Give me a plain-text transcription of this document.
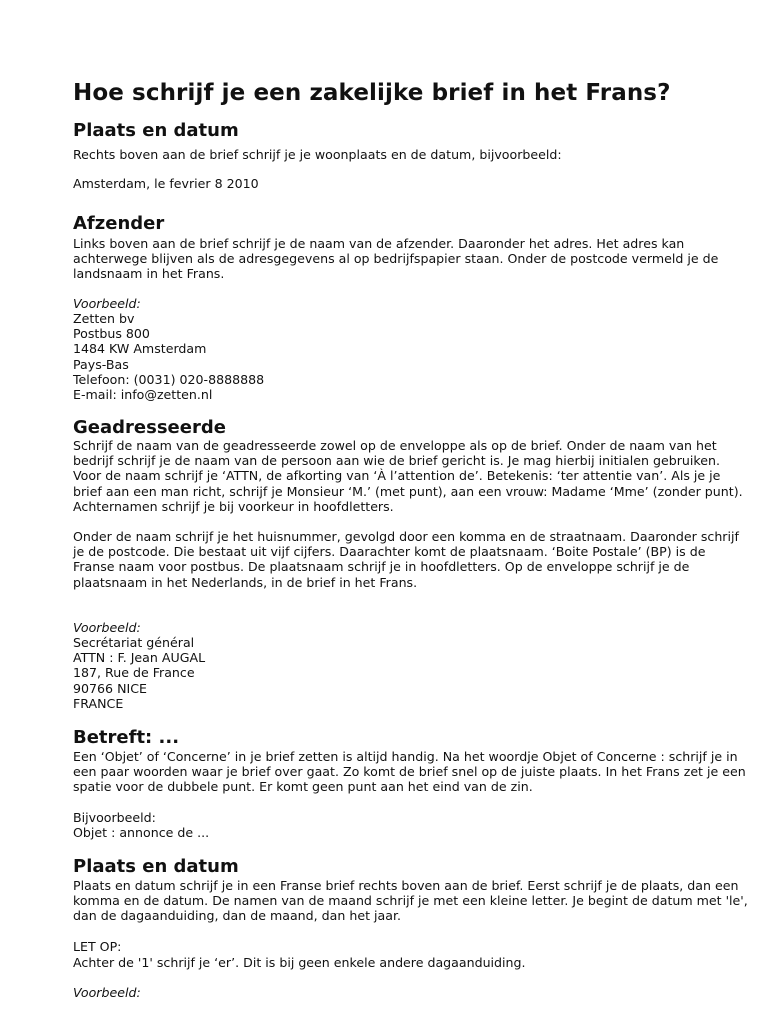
Hoe schrijf je een zakelijke brief in het Frans?
Plaats en datum

Rechts boven aan de brief schrijf je je woonplaats en de datum, bijvoorbeeld:

Amsterdam, le fevrier 8 2010

Afzender

Links boven aan de brief schrijf je de naam van de afzender. Daaronder het adres. Het adres kan achterwege blijven als de adresgegevens al op bedrijfspapier staan. Onder de postcode vermeld je de landsnaam in het Frans.

Voorbeeld:

Zetten bv
Postbus 800
1484 KW Amsterdam
Pays-Bas
Telefoon: (0031) 020-8888888
E-mail: info@zetten.nl

Geadresseerde

Schrijf de naam van de geadresseerde zowel op de enveloppe als op de brief. Onder de naam van het bedrijf schrijf je de naam van de persoon aan wie de brief gericht is. Je mag hierbij initialen gebruiken. Voor de naam schrijf je ‘ATTN, de afkorting van ‘À l’attention de’. Betekenis: ‘ter attentie van’. Als je je brief aan een man richt, schrijf je Monsieur ‘M.’ (met punt), aan een vrouw: Madame ‘Mme’ (zonder punt). Achternamen schrijf je bij voorkeur in hoofdletters.

Onder de naam schrijf je het huisnummer, gevolgd door een komma en de straatnaam. Daaronder schrijf je de postcode. Die bestaat uit vijf cijfers. Daarachter komt de plaatsnaam. ‘Boite Postale’ (BP) is de Franse naam voor postbus. De plaatsnaam schrijf je in hoofdletters. Op de enveloppe schrijf je de plaatsnaam in het Nederlands, in de brief in het Frans.

Voorbeeld:

Secrétariat général
ATTN : F. Jean AUGAL
187, Rue de France
90766 NICE
FRANCE

Betreft: ...

Een ‘Objet’ of ‘Concerne’ in je brief zetten is altijd handig. Na het woordje Objet of Concerne : schrijf je in een paar woorden waar je brief over gaat. Zo komt de brief snel op de juiste plaats. In het Frans zet je een spatie voor de dubbele punt. Er komt geen punt aan het eind van de zin.

Bijvoorbeeld:

Objet : annonce de ...

Plaats en datum

Plaats en datum schrijf je in een Franse brief rechts boven aan de brief. Eerst schrijf je de plaats, dan een komma en de datum. De namen van de maand schrijf je met een kleine letter. Je begint de datum met 'le', dan de dagaanduiding, dan de maand, dan het jaar.

LET OP:

Achter de '1' schrijf je ‘er’. Dit is bij geen enkele andere dagaanduiding.

Voorbeeld:
